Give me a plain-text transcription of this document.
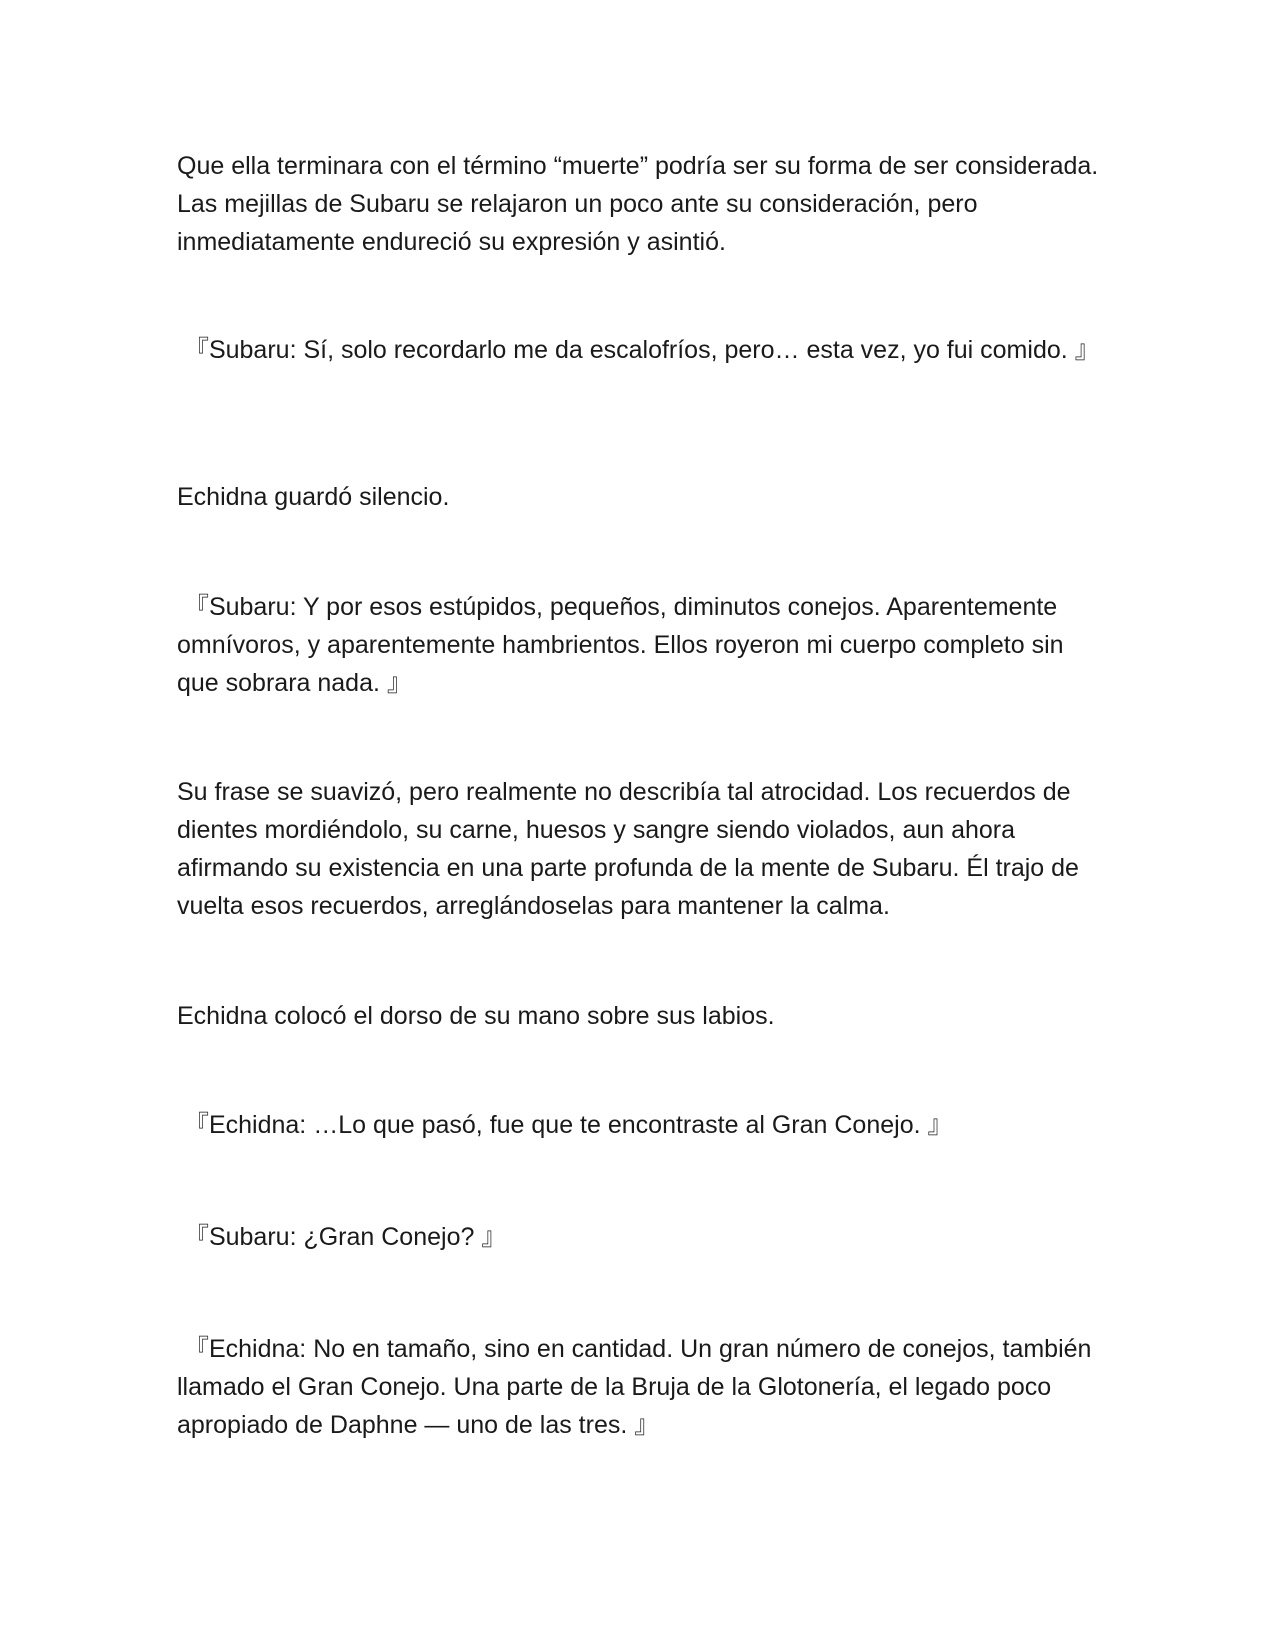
Que ella terminara con el término “muerte” podría ser su forma de ser considerada. Las mejillas de Subaru se relajaron un poco ante su consideración, pero inmediatamente endureció su expresión y asintió.

『Subaru: Sí, solo recordarlo me da escalofríos, pero… esta vez, yo fui comido. 』

Echidna guardó silencio.

『Subaru: Y por esos estúpidos, pequeños, diminutos conejos. Aparentemente omnívoros, y aparentemente hambrientos. Ellos royeron mi cuerpo completo sin que sobrara nada. 』

Su frase se suavizó, pero realmente no describía tal atrocidad. Los recuerdos de dientes mordiéndolo, su carne, huesos y sangre siendo violados, aun ahora afirmando su existencia en una parte profunda de la mente de Subaru. Él trajo de vuelta esos recuerdos, arreglándoselas para mantener la calma.

Echidna colocó el dorso de su mano sobre sus labios.

『Echidna: …Lo que pasó, fue que te encontraste al Gran Conejo. 』

『Subaru: ¿Gran Conejo? 』

『Echidna: No en tamaño, sino en cantidad. Un gran número de conejos, también llamado el Gran Conejo. Una parte de la Bruja de la Glotonería, el legado poco apropiado de Daphne — uno de las tres. 』
